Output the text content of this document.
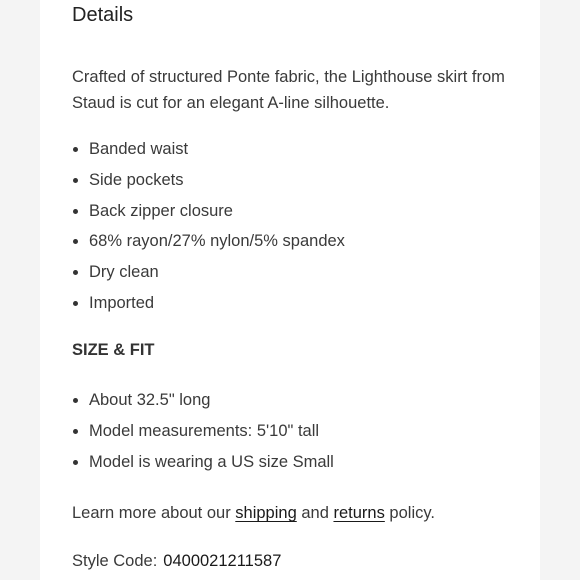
Details
Crafted of structured Ponte fabric, the Lighthouse skirt from Staud is cut for an elegant A-line silhouette.
Banded waist
Side pockets
Back zipper closure
68% rayon/27% nylon/5% spandex
Dry clean
Imported
SIZE & FIT
About 32.5" long
Model measurements: 5'10" tall
Model is wearing a US size Small
Learn more about our shipping and returns policy.
Style Code: 0400021211587
